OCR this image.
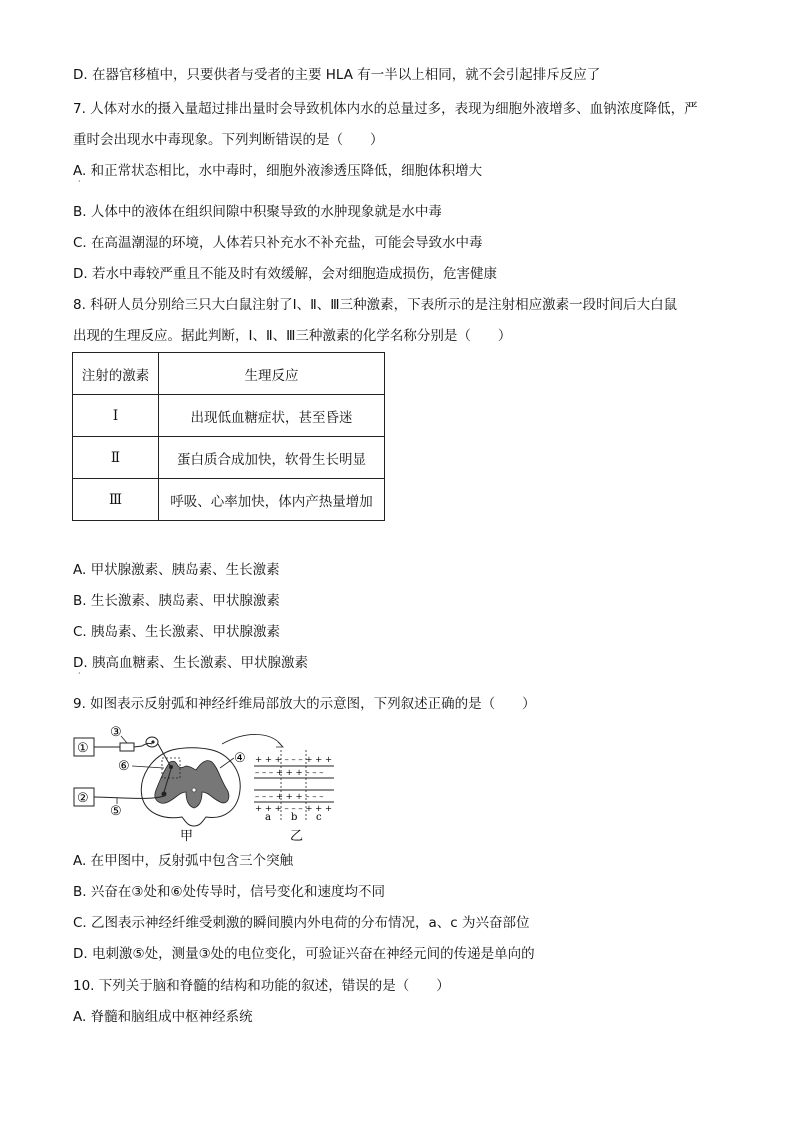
D. 在器官移植中，只要供者与受者的主要 HLA 有一半以上相同，就不会引起排斥反应了
7. 人体对水的摄入量超过排出量时会导致机体内水的总量过多，表现为细胞外液增多、血钠浓度降低，严
重时会出现水中毒现象。下列判断错误的是（　　）
A. 和正常状态相比，水中毒时，细胞外液渗透压降低，细胞体积增大
·
B. 人体中的液体在组织间隙中积聚导致的水肿现象就是水中毒
C. 在高温潮湿的环境，人体若只补充水不补充盐，可能会导致水中毒
D. 若水中毒较严重且不能及时有效缓解，会对细胞造成损伤，危害健康
8. 科研人员分别给三只大白鼠注射了Ⅰ、Ⅱ、Ⅲ三种激素，下表所示的是注射相应激素一段时间后大白鼠
出现的生理反应。据此判断，Ⅰ、Ⅱ、Ⅲ三种激素的化学名称分别是（　　）
注射的激素	生理反应
Ⅰ	出现低血糖症状，甚至昏迷
Ⅱ	蛋白质合成加快，软骨生长明显
Ⅲ	呼吸、心率加快，体内产热量增加
A. 甲状腺激素、胰岛素、生长激素
B. 生长激素、胰岛素、甲状腺激素
C. 胰岛素、生长激素、甲状腺激素
D. 胰高血糖素、生长激素、甲状腺激素
·
9. 如图表示反射弧和神经纤维局部放大的示意图，下列叙述正确的是（　　）
①
②
③
⑥
④
⑤
+ + + – – – + + +
– – – + + + – – –
– – – + + + – – –
+ + + – – – + + +
a b c
甲	乙
A. 在甲图中，反射弧中包含三个突触
B. 兴奋在③处和⑥处传导时，信号变化和速度均不同
C. 乙图表示神经纤维受刺激的瞬间膜内外电荷的分布情况，a、c 为兴奋部位
D. 电刺激⑤处，测量③处的电位变化，可验证兴奋在神经元间的传递是单向的
10. 下列关于脑和脊髓的结构和功能的叙述，错误的是（　　）
A. 脊髓和脑组成中枢神经系统
